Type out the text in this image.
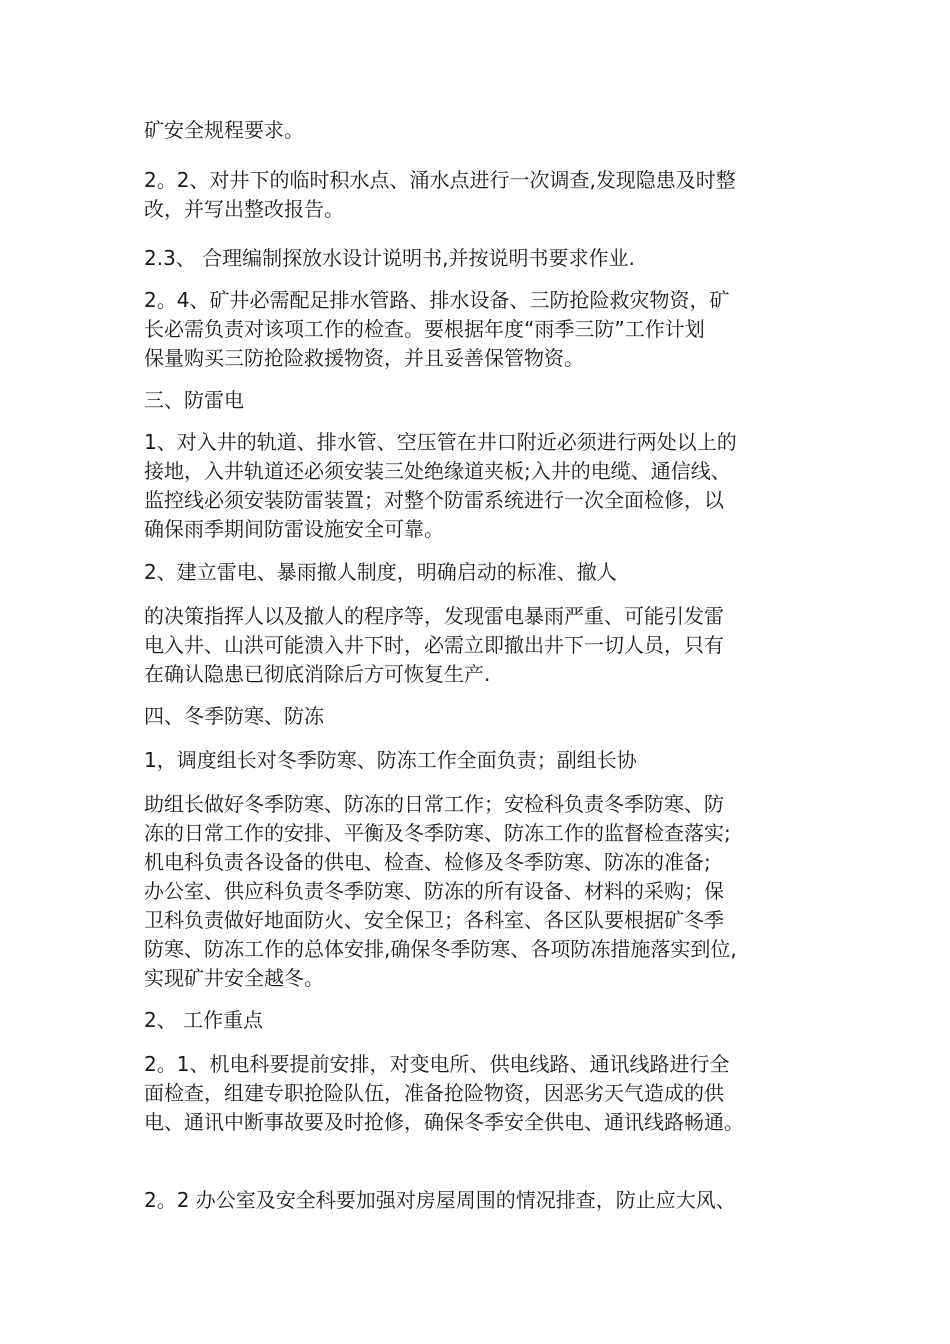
矿安全规程要求。
2。2、对井下的临时积水点、涌水点进行一次调查,发现隐患及时整
改，并写出整改报告。
2.3、 合理编制探放水设计说明书,并按说明书要求作业.
2。4、矿井必需配足排水管路、排水设备、三防抢险救灾物资，矿
长必需负责对该项工作的检查。要根据年度“雨季三防”工作计划
保量购买三防抢险救援物资，并且妥善保管物资。
三、防雷电
1、对入井的轨道、排水管、空压管在井口附近必须进行两处以上的
接地，入井轨道还必须安装三处绝缘道夹板;入井的电缆、通信线、
监控线必须安装防雷装置；对整个防雷系统进行一次全面检修，以
确保雨季期间防雷设施安全可靠。
2、建立雷电、暴雨撤人制度，明确启动的标准、撤人
的决策指挥人以及撤人的程序等，发现雷电暴雨严重、可能引发雷
电入井、山洪可能溃入井下时，必需立即撤出井下一切人员，只有
在确认隐患已彻底消除后方可恢复生产.
四、冬季防寒、防冻
1，调度组长对冬季防寒、防冻工作全面负责；副组长协
助组长做好冬季防寒、防冻的日常工作；安检科负责冬季防寒、防
冻的日常工作的安排、平衡及冬季防寒、防冻工作的监督检查落实;
机电科负责各设备的供电、检查、检修及冬季防寒、防冻的准备;
办公室、供应科负责冬季防寒、防冻的所有设备、材料的采购；保
卫科负责做好地面防火、安全保卫；各科室、各区队要根据矿冬季
防寒、防冻工作的总体安排,确保冬季防寒、各项防冻措施落实到位,
实现矿井安全越冬。
2、 工作重点
2。1、机电科要提前安排，对变电所、供电线路、通讯线路进行全
面检查，组建专职抢险队伍，准备抢险物资，因恶劣天气造成的供
电、通讯中断事故要及时抢修，确保冬季安全供电、通讯线路畅通。
2。2 办公室及安全科要加强对房屋周围的情况排查，防止应大风、
